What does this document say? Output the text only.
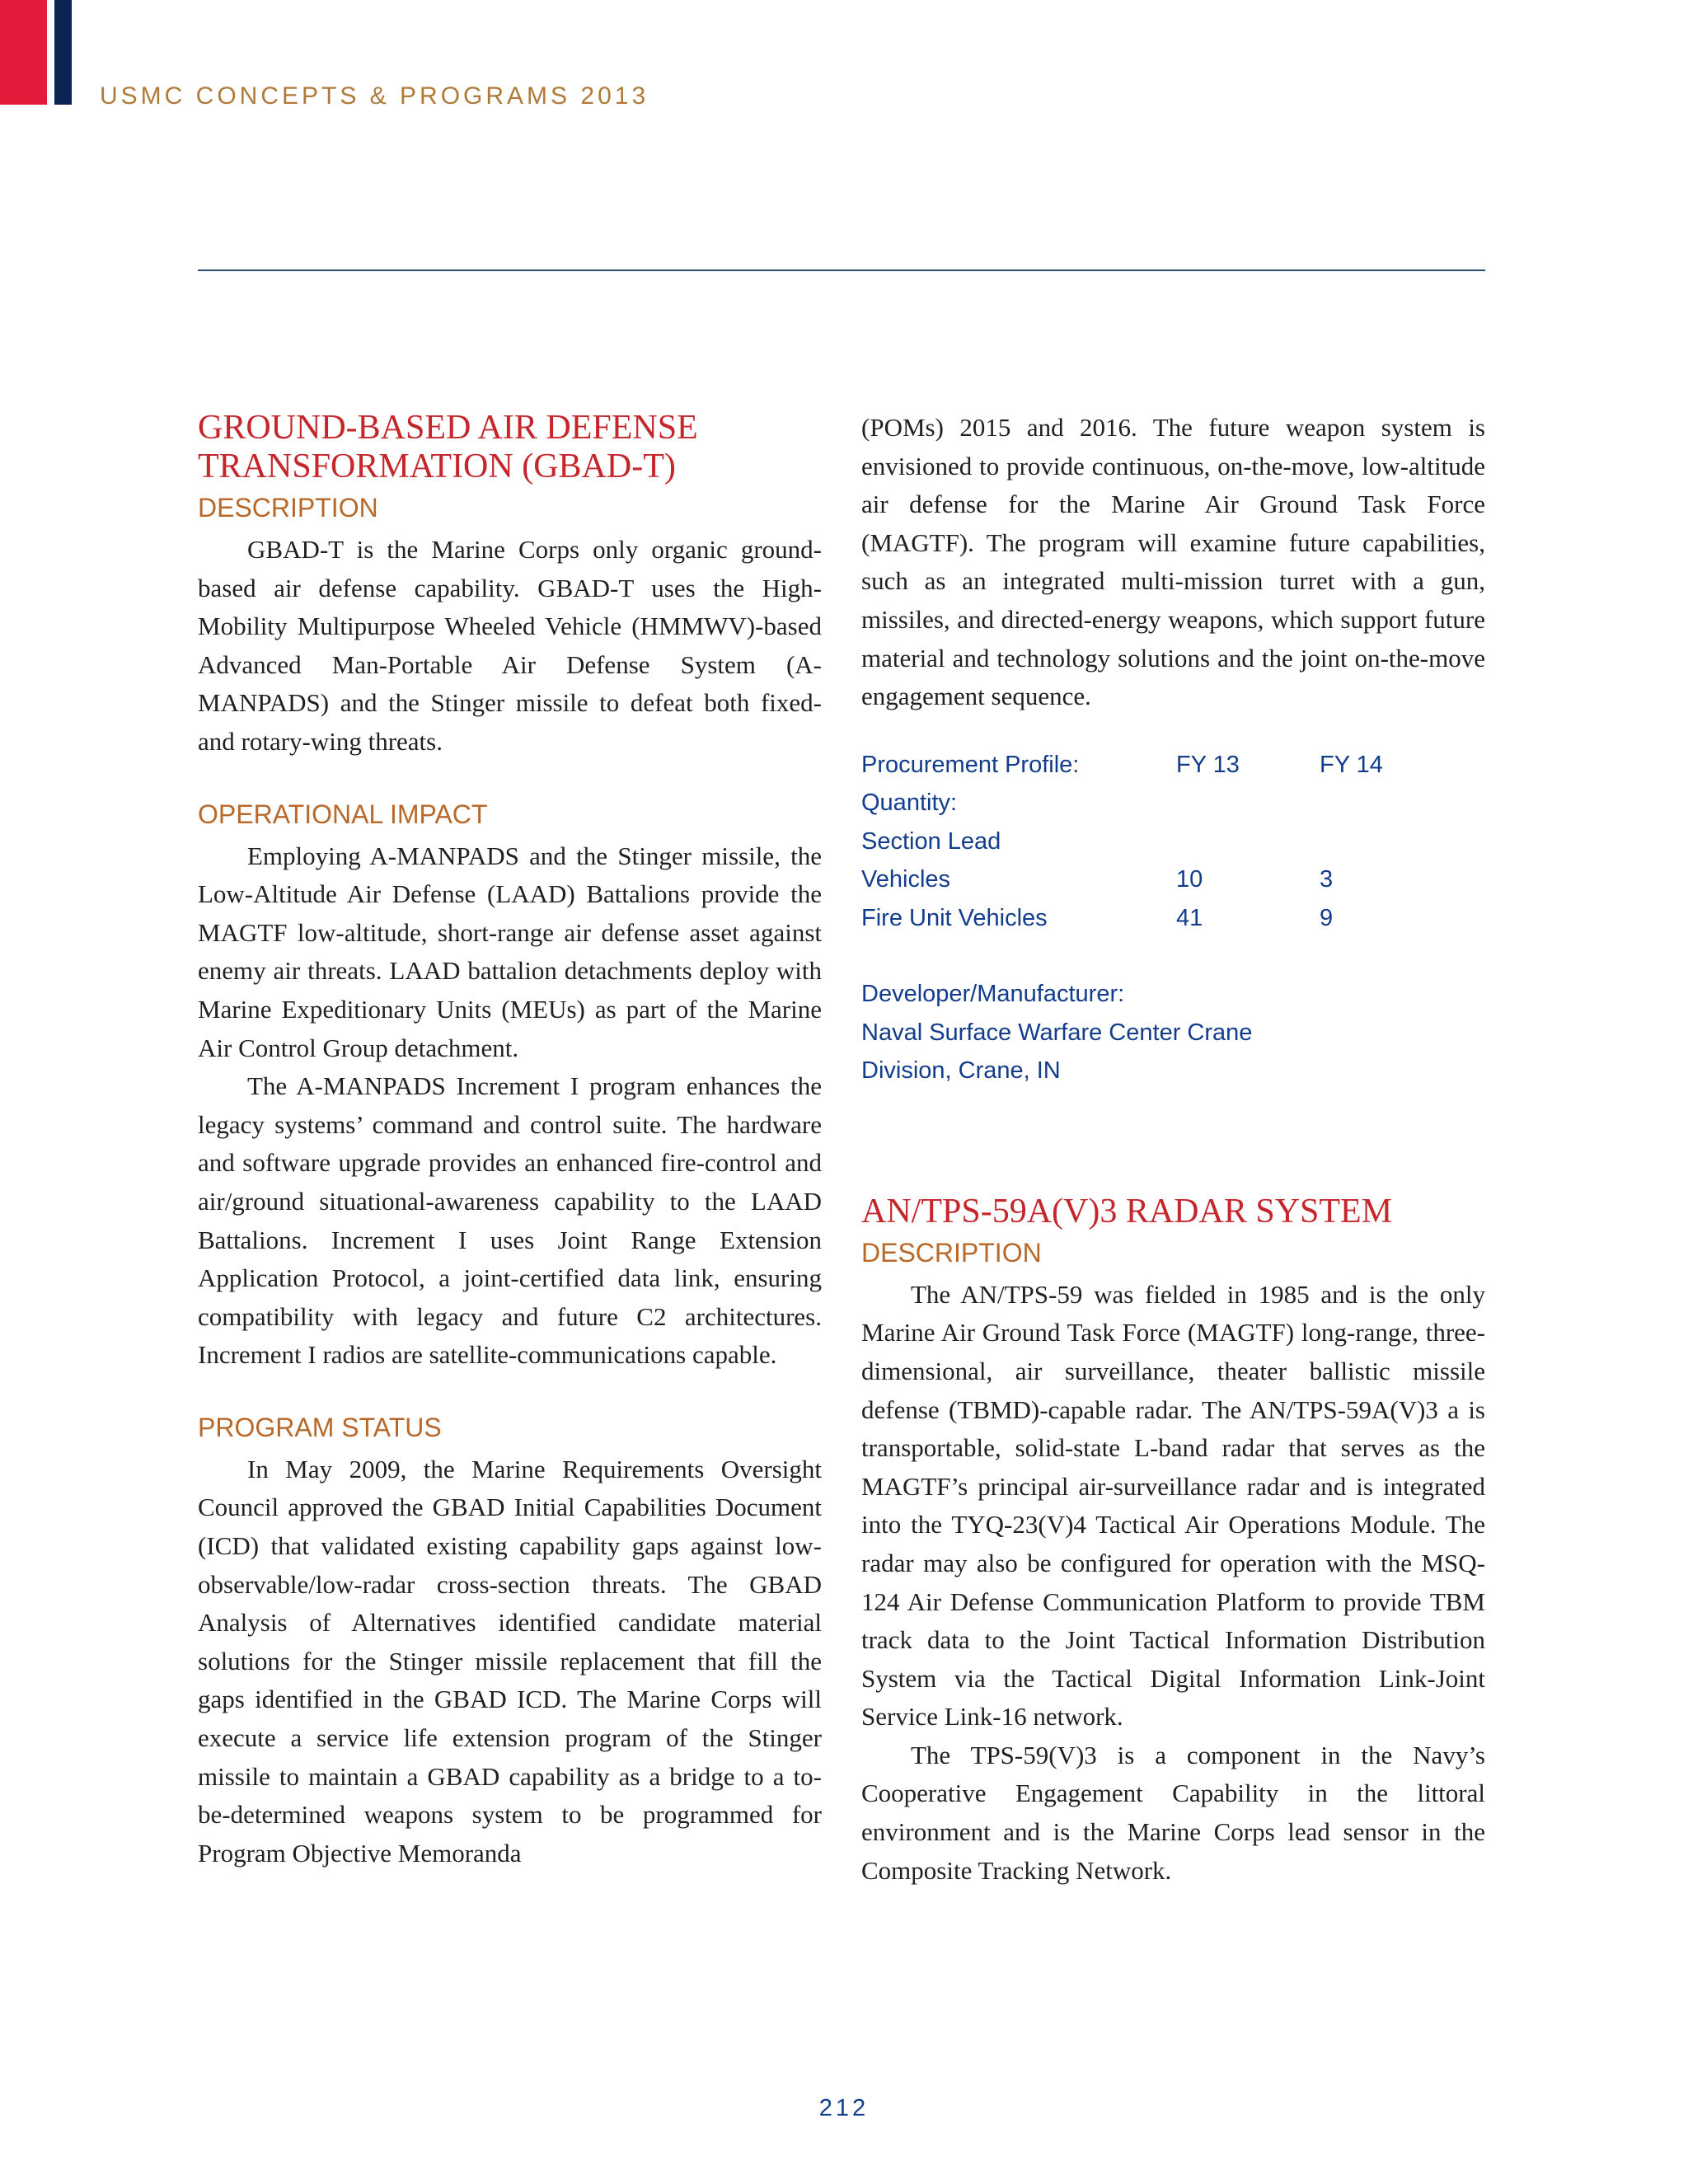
USMC CONCEPTS & PROGRAMS 2013
GROUND-BASED AIR DEFENSE
TRANSFORMATION (GBAD-T)
DESCRIPTION

GBAD-T is the Marine Corps only organic ground-based air defense capability. GBAD-T uses the High-Mobility Multipurpose Wheeled Vehicle (HMMWV)-based Advanced Man-Portable Air Defense System (A-MANPADS) and the Stinger missile to defeat both fixed- and rotary-wing threats.

OPERATIONAL IMPACT

Employing A-MANPADS and the Stinger missile, the Low-Altitude Air Defense (LAAD) Battalions provide the MAGTF low-altitude, short-range air defense asset against enemy air threats. LAAD battalion detachments deploy with Marine Expeditionary Units (MEUs) as part of the Marine Air Control Group detachment.

The A-MANPADS Increment I program enhances the legacy systems’ command and control suite. The hardware and software upgrade provides an enhanced fire-control and air/ground situational-awareness capability to the LAAD Battalions. Increment I uses Joint Range Extension Application Protocol, a joint-certified data link, ensuring compatibility with legacy and future C2 architectures. Increment I radios are satellite-communications capable.

PROGRAM STATUS

In May 2009, the Marine Requirements Oversight Council approved the GBAD Initial Capabilities Document (ICD) that validated existing capability gaps against low-observable/low-radar cross-section threats. The GBAD Analysis of Alternatives identified candidate material solutions for the Stinger missile replacement that fill the gaps identified in the GBAD ICD. The Marine Corps will execute a service life extension program of the Stinger missile to maintain a GBAD capability as a bridge to a to-be-determined weapons system to be programmed for Program Objective Memoranda

(POMs) 2015 and 2016. The future weapon system is envisioned to provide continuous, on-the-move, low-altitude air defense for the Marine Air Ground Task Force (MAGTF). The program will examine future capabilities, such as an integrated multi-mission turret with a gun, missiles, and directed-energy weapons, which support future material and technology solutions and the joint on-the-move engagement sequence.

Procurement Profile:	FY 13	FY 14
Quantity:
Section Lead
Vehicles	10	3
Fire Unit Vehicles	41	9
Developer/Manufacturer:
Naval Surface Warfare Center Crane
Division, Crane, IN
AN/TPS-59A(V)3 RADAR SYSTEM
DESCRIPTION

The AN/TPS-59 was fielded in 1985 and is the only Marine Air Ground Task Force (MAGTF) long-range, three-dimensional, air surveillance, theater ballistic missile defense (TBMD)-capable radar. The AN/TPS-59A(V)3 a is transportable, solid-state L-band radar that serves as the MAGTF’s principal air-surveillance radar and is integrated into the TYQ-23(V)4 Tactical Air Operations Module. The radar may also be configured for operation with the MSQ-124 Air Defense Communication Platform to provide TBM track data to the Joint Tactical Information Distribution System via the Tactical Digital Information Link-Joint Service Link-16 network.

The TPS-59(V)3 is a component in the Navy’s Cooperative Engagement Capability in the littoral environment and is the Marine Corps lead sensor in the Composite Tracking Network.

212
